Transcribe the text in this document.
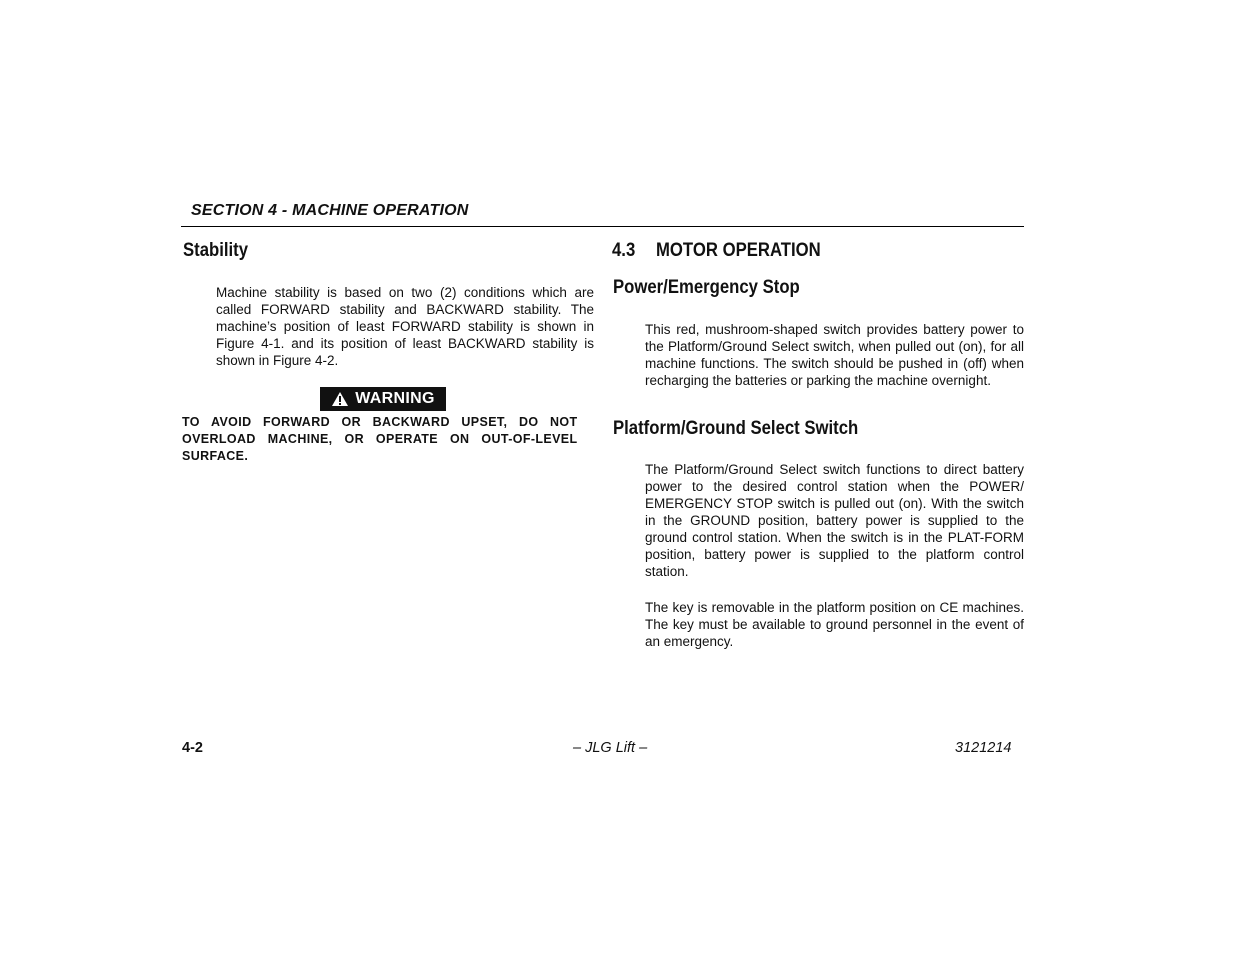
SECTION 4 - MACHINE OPERATION
Stability

Machine stability is based on two (2) conditions which are called FORWARD stability and BACKWARD stability. The machine’s position of least FORWARD stability is shown in Figure 4-1. and its position of least BACKWARD stability is shown in Figure 4-2.

WARNING
TO AVOID FORWARD OR BACKWARD UPSET, DO NOT OVERLOAD MACHINE, OR OPERATE ON OUT-OF-LEVEL SURFACE.
4.3 MOTOR OPERATION
Power/Emergency Stop

This red, mushroom-shaped switch provides battery power to the Platform/Ground Select switch, when pulled out (on), for all machine functions. The switch should be pushed in (off) when recharging the batteries or parking the machine overnight.

Platform/Ground Select Switch

The Platform/Ground Select switch functions to direct battery power to the desired control station when the POWER/ EMERGENCY STOP switch is pulled out (on). With the switch in the GROUND position, battery power is supplied to the ground control station. When the switch is in the PLAT-FORM position, battery power is supplied to the platform control station.

The key is removable in the platform position on CE machines. The key must be available to ground personnel in the event of an emergency.

4-2	– JLG Lift –	3121214
